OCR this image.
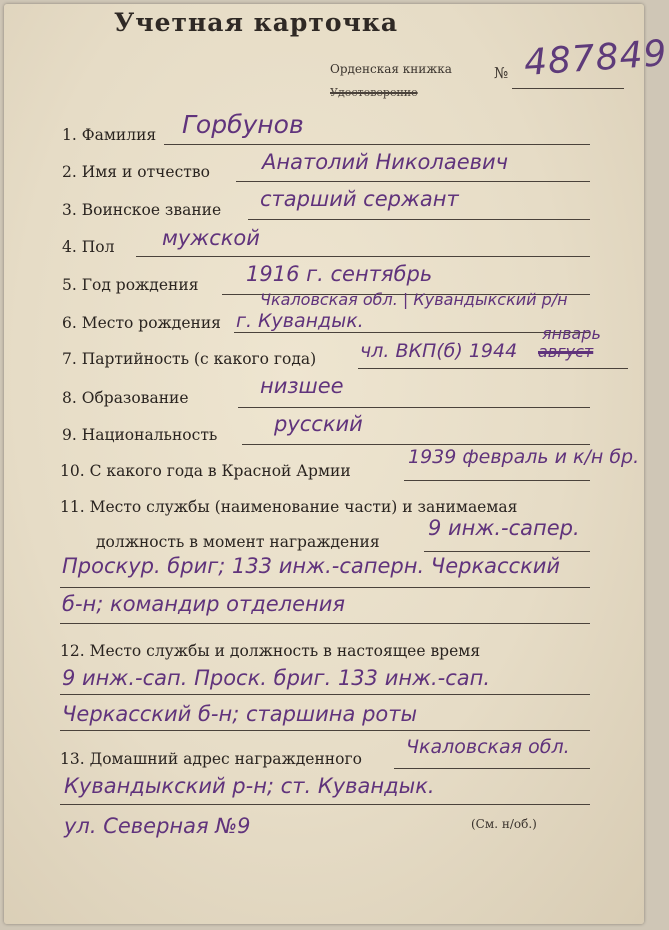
Учетная карточка
Орденская книжка
Удостоверение
№ 487849
1. Фамилия Горбунов
2. Имя и отчество Анатолий Николаевич
3. Воинское звание старший сержант
4. Пол мужской
5. Год рождения 1916 г. сентябрь
6. Место рождения
Чкаловская обл. | Кувандыкский р/н
г. Кувандык.
7. Партийность (с какого года) чл. ВКП(б) 1944
январь
август
8. Образование	низшее
9. Национальность	русский
10. С какого года в Красной Армии
1939 февраль и к/н бр.
11. Место службы (наименование части) и занимаемая
должность в момент награждения
9 инж.-сапер.
Проскур. бриг; 133 инж.-саперн. Черкасский
б-н; командир отделения
12. Место службы и должность в настоящее время
9 инж.-сап. Проск. бриг. 133 инж.-сап.
Черкасский б-н; старшина роты
13. Домашний адрес награжденного
Чкаловская обл.
Кувандыкский р-н; ст. Кувандык.
ул. Северная №9	(См. н/об.)
